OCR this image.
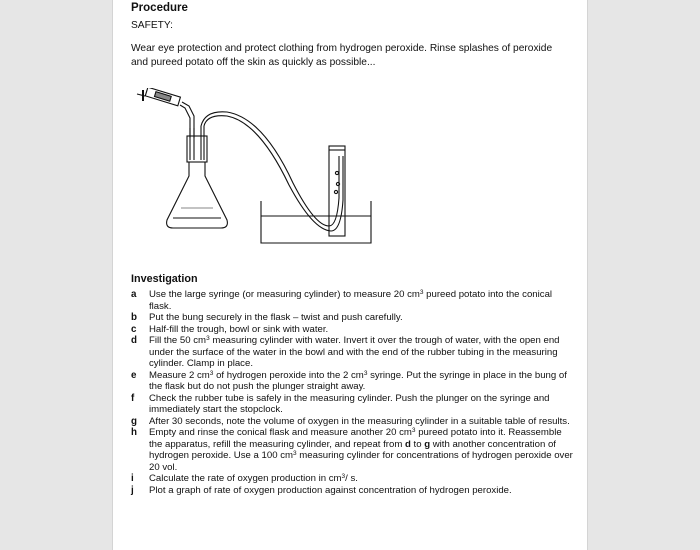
Procedure
SAFETY:
Wear eye protection and protect clothing from hydrogen peroxide. Rinse splashes of peroxide and pureed potato off the skin as quickly as possible...
Investigation
a Use the large syringe (or measuring cylinder) to measure 20 $cm^3$ pureed potato into the conical flask.
b Put the bung securely in the flask – twist and push carefully.
c Half-fill the trough, bowl or sink with water.
d Fill the 50 $cm^3$ measuring cylinder with water. Invert it over the trough of water, with the open end under the surface of the water in the bowl and with the end of the rubber tubing in the measuring cylinder. Clamp in place.
e Measure 2 $cm^3$ of hydrogen peroxide into the 2 $cm^3$ syringe. Put the syringe in place in the bung of the flask but do not push the plunger straight away.
f Check the rubber tube is safely in the measuring cylinder. Push the plunger on the syringe and immediately start the stopclock.
g After 30 seconds, note the volume of oxygen in the measuring cylinder in a suitable table of results.
h Empty and rinse the conical flask and measure another 20 $cm^3$ pureed potato into it. Reassemble the apparatus, refill the measuring cylinder, and repeat from d to g with another concentration of hydrogen peroxide. Use a 100 $cm^3$ measuring cylinder for concentrations of hydrogen peroxide over 20 vol.
i Calculate the rate of oxygen production in $cm^3/$ s.
j Plot a graph of rate of oxygen production against concentration of hydrogen peroxide.
